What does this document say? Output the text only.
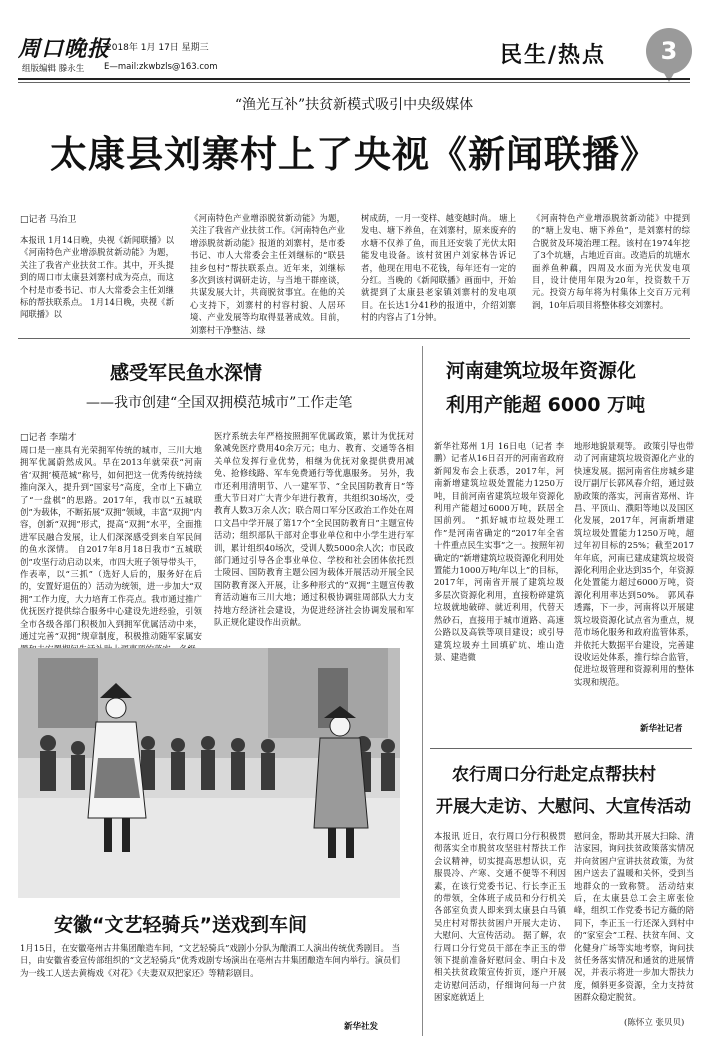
周口晚报
2018年 1月 17日 星期三
组版编辑 滕永生 E—mail:zkwbzls@163.com	民生/热点	3
“渔光互补”扶贫新模式吸引中央级媒体
太康县刘寨村上了央视《新闻联播》
□记者 马治卫
本报讯 1月14日晚，央视《新闻联播》以《河南特色产业增添脱贫新动能》为题，关注了我省产业扶贫工作。其中，开头提到的周口市太康县刘寨村成为亮点，而这个村是市委书记、市人大常委会主任刘继标的帮扶联系点。 1月14日晚，央视《新闻联播》以
《河南特色产业增添脱贫新动能》为题，关注了我省产业扶贫工作。《河南特色产业增添脱贫新动能》报道的刘寨村，是市委书记、市人大常委会主任刘继标的“联县挂乡包村”帮扶联系点。近年来，刘继标多次到该村调研走访，与当地干群座谈，共谋发展大计，共商脱贫事宜。在他的关心支持下，刘寨村的村容村貌、人居环境、产业发展等均取得显著成效。目前，刘寨村干净整洁、绿
树成荫，一月一变样、越变越时尚。 塘上发电、塘下养鱼，在刘寨村，原来废弃的水塘不仅养了鱼，而且还安装了光伏太阳能发电设备。该村贫困户刘家林告诉记者，他现在用电不花钱，每年还有一定的分红。当晚的《新闻联播》画面中，开始就提到了太康县老家镇刘寨村的发电项目。在长达1分41秒的报道中，介绍刘寨村的内容占了1分钟。
《河南特色产业增添脱贫新动能》中提到的“塘上发电、塘下养鱼”，是刘寨村的综合脱贫及环境治理工程。该村在1974年挖了3个坑塘，占地近百亩。改造后的坑塘水面养鱼种藕，四周及水面为光伏发电项目，设计使用年限为20年，投资数千万元。投资方每年将为村集体上交百万元利润，10年后项目将整体移交刘寨村。
感受军民鱼水深情
——我市创建“全国双拥模范城市”工作走笔
□记者 李瑞才
周口是一座具有光荣拥军传统的城市，三川大地拥军优属蔚然成风。早在2013年就荣获“河南省‘双拥’模范城”称号，如何把这一优秀传统持续推向深入，提升到“国家号”高度，全市上下确立了“一盘棋”的思路。2017年，我市以“五城联创”为载体，不断拓展“双拥”领域，丰富“双拥”内容，创新“双拥”形式，提高“双拥”水平，全面推进军民融合发展，让人们深深感受到来自军民间的鱼水深情。 自2017年8月18日我市“五城联创”攻坚行动启动以来，市四大班子领导带头干，作表率，以“三抓”（选好人后的，服务好在后的，安置好退伍的）活动为统领，进一步加大“双拥”工作力度，大力培育工作亮点。我市通过推广优抚医疗提供综合服务中心建设先进经验，引领全市各级各部门积极加入到拥军优属活动中来，通过完善“双拥”规章制度，积极推动随军家属安
医疗系统去年严格按照拥军优属政策，累计为优抚对象减免医疗费用40余万元；电力、教育、交通等各相关单位发挥行业优势，相继为优抚对象提供费用减免、抢修线路、军车免费通行等优惠服务。 另外，我市还利用清明节、八一建军节、“全民国防教育日”等重大节日对广大青少年进行教育，共组织30场次，受教育人数3万余人次；联合周口军分区政治工作处在周口文昌中学开展了第17个“全民国防教育日”主题宣传活动；组织部队干部对企事业单位和中小学生进行军训，累计组织40场次，受训人数5000余人次；市民政部门通过引导各企事业单位、学校和社会团体依托烈士陵园、国防教育主题公园为载体开展活动开展全民国防教育深入开展，让多种形式的“双拥”主题宣传教育活动遍布三川大地；通过积极协调驻周部队大力支持地方经济社会建设，为促进经济社会协调发展和军队正规化建设作出贡献。
安徽“文艺轻骑兵”送戏到车间
1月15日，在安徽亳州古井集团酿造车间，“文艺轻骑兵”戏剧小分队为酿酒工人演出传统优秀剧目。 当日，由安徽省委宣传部组织的“文艺轻骑兵”优秀戏剧专场演出在亳州古井集团酿造车间内举行。演员们为一线工人送去黄梅戏《对花》《夫妻双双把家还》等精彩剧目。
新华社发
河南建筑垃圾年资源化
利用产能超 6000 万吨
新华社郑州 1月 16日电（记者 李鹏）记者从16日召开的河南省政府新闻发布会上获悉，2017年，河南新增建筑垃圾处置能力1250万吨，目前河南省建筑垃圾年资源化利用产能超过6000万吨，跃居全国前列。 “抓好城市垃圾处理工作”是河南省确定的“2017年全省十件重点民生实事”之一。按照年初确定的“新增建筑垃圾资源化利用处置能力1000万吨/年以上”的目标，2017年，河南省开展了建筑垃圾多层次资源化利用，直接粉碎建筑垃圾就地破碎、就近利用，代替天然砂石，直接用于城市道路、高速公路以及高铁等项目建设；或引导建筑垃圾弃土回填矿坑、堆山造景、建造微
地形地貌景观等。 政策引导也带动了河南建筑垃圾资源化产业的快速发展。据河南省住房城乡建设厅副厅长郭风春介绍，通过鼓励政策的落实，河南省郑州、许昌、平顶山、濮阳等地以及国区化发展，2017年，河南新增建筑垃圾处置能力1250万吨，超过年初目标的25%；截至2017年年底，河南已建成建筑垃圾资源化利用企业达到35个，年资源化处置能力超过6000万吨，资源化利用率达到50%。 郭风春透露，下一步，河南将以开展建筑垃圾资源化试点省为重点，规范市场化服务和政府监管体系，并依托大数据平台建设，完善建设收运处体系，推行综合监管，促进垃圾管理和资源利用的整体实现和规范。
新华社记者
农行周口分行赴定点帮扶村
开展大走访、大慰问、大宣传活动
本报讯 近日，农行周口分行积极贯彻落实全市脱贫攻坚驻村帮扶工作会议精神，切实提高思想认识，克服畏冷、产寒、交通不便等不利因素，在该行党委书记、行长李正玉的带领，全体班子成员和分行机关各部室负责人即来到太康县白马镇吴庄村对帮扶贫困户开展大走访、大慰问、大宣传活动。 据了解，农行周口分行党员干部在李正玉的带领下提前准备好慰问金、明白卡及相关扶贫政策宣传折页，逐户开展走访慰问活动，仔细询问每一户贫困家庭就适上
慰问金，帮助其开展大扫除、清洁家园，询问扶贫政策落实情况并向贫困户宣讲扶贫政策，为贫困户送去了温暖和关怀，受到当地群众的一致称赞。 活动结束后，在太康县总工会主席张俭峰，组织工作党委书记方薇的陪同下，李正玉一行还深入到村中的“家室会”工程、扶贫车间、文化健身广场等实地考察，询问扶贫任务落实情况和通贫的进展情况，并表示将进一步加大帮扶力度，倾斜更多资源，全力支持贫困群众稳定脱贫。
(陈怀立 张贝贝)
